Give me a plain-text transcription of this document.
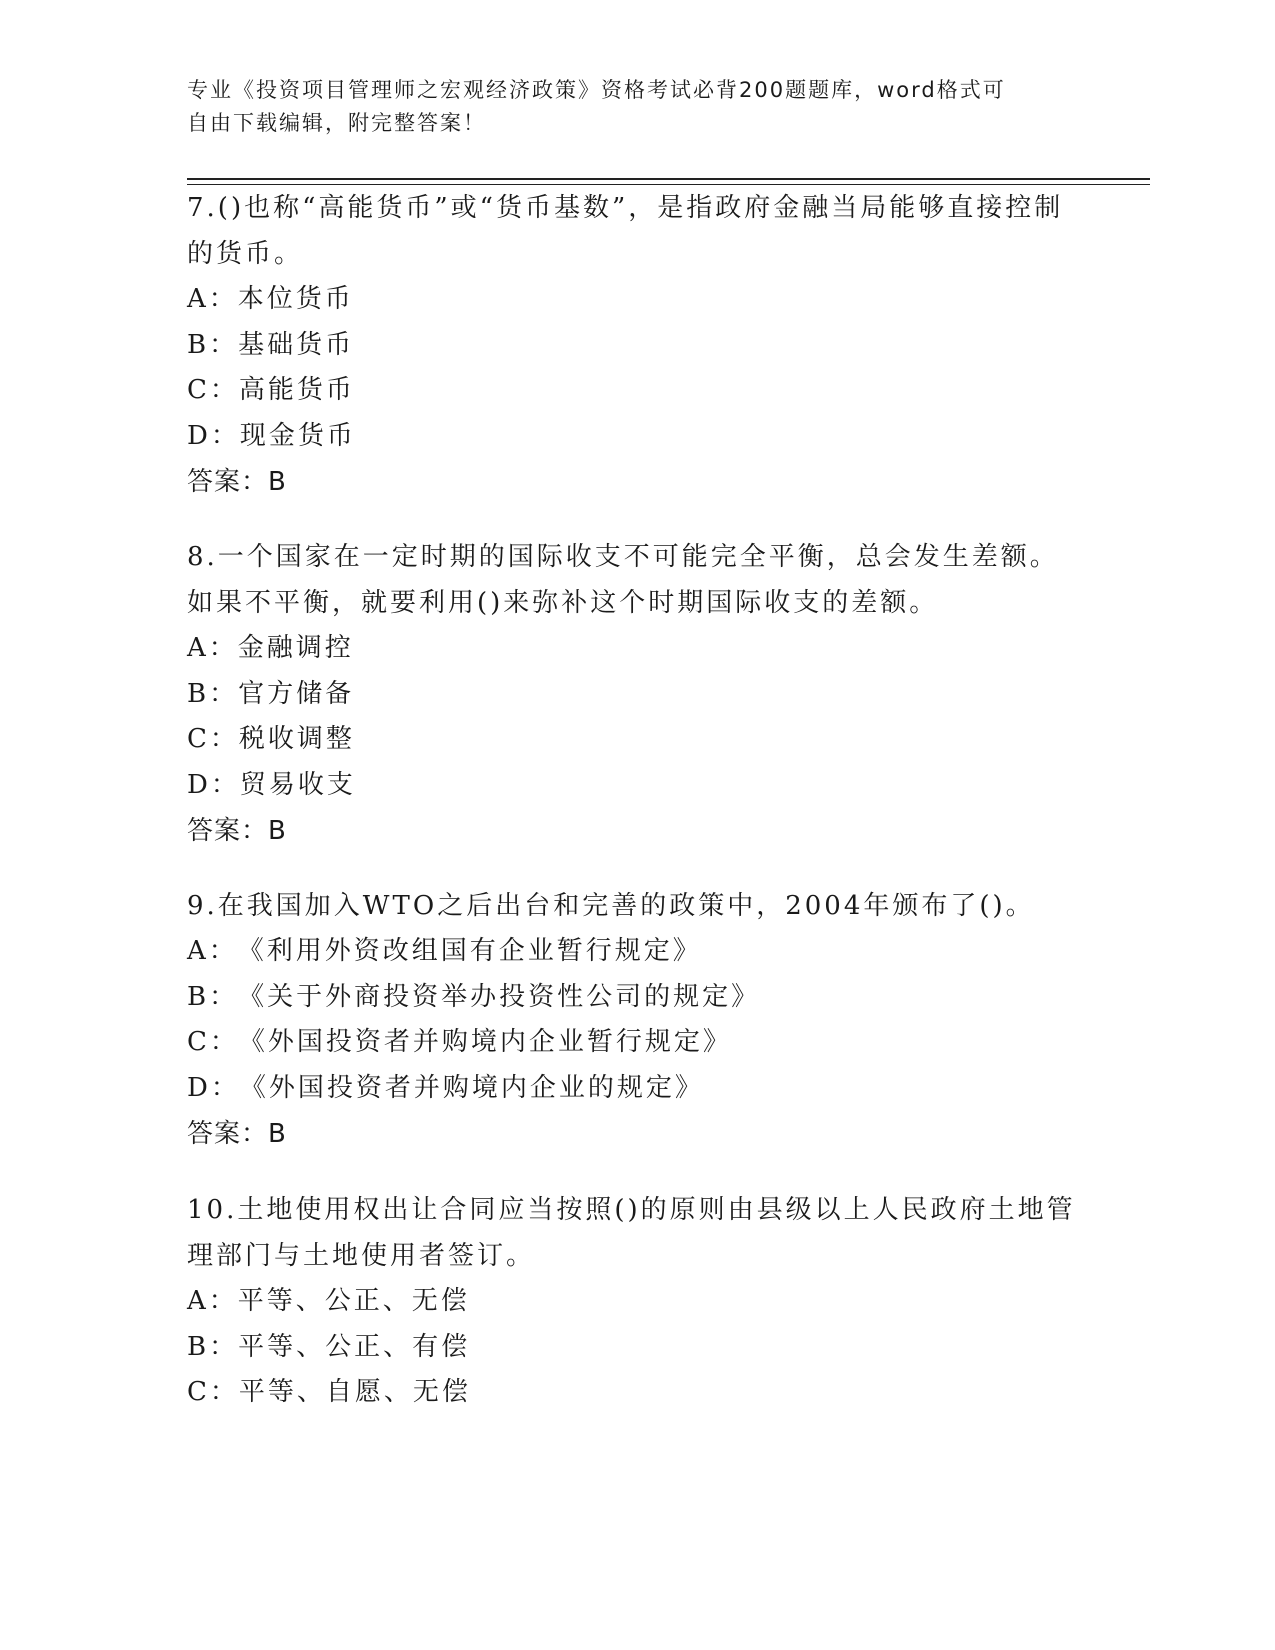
专业《投资项目管理师之宏观经济政策》资格考试必背200题题库，word格式可
自由下载编辑，附完整答案！

7.()也称“高能货币”或“货币基数”，是指政府金融当局能够直接控制的货币。

A：本位货币
B：基础货币
C：高能货币
D：现金货币
答案：B

8.一个国家在一定时期的国际收支不可能完全平衡，总会发生差额。如果不平衡，就要利用()来弥补这个时期国际收支的差额。

A：金融调控
B：官方储备
C：税收调整
D：贸易收支
答案：B

9.在我国加入WTO之后出台和完善的政策中，2004年颁布了()。

A：《利用外资改组国有企业暂行规定》
B：《关于外商投资举办投资性公司的规定》
C：《外国投资者并购境内企业暂行规定》
D：《外国投资者并购境内企业的规定》
答案：B

10.土地使用权出让合同应当按照()的原则由县级以上人民政府土地管理部门与土地使用者签订。

A：平等、公正、无偿
B：平等、公正、有偿
C：平等、自愿、无偿
